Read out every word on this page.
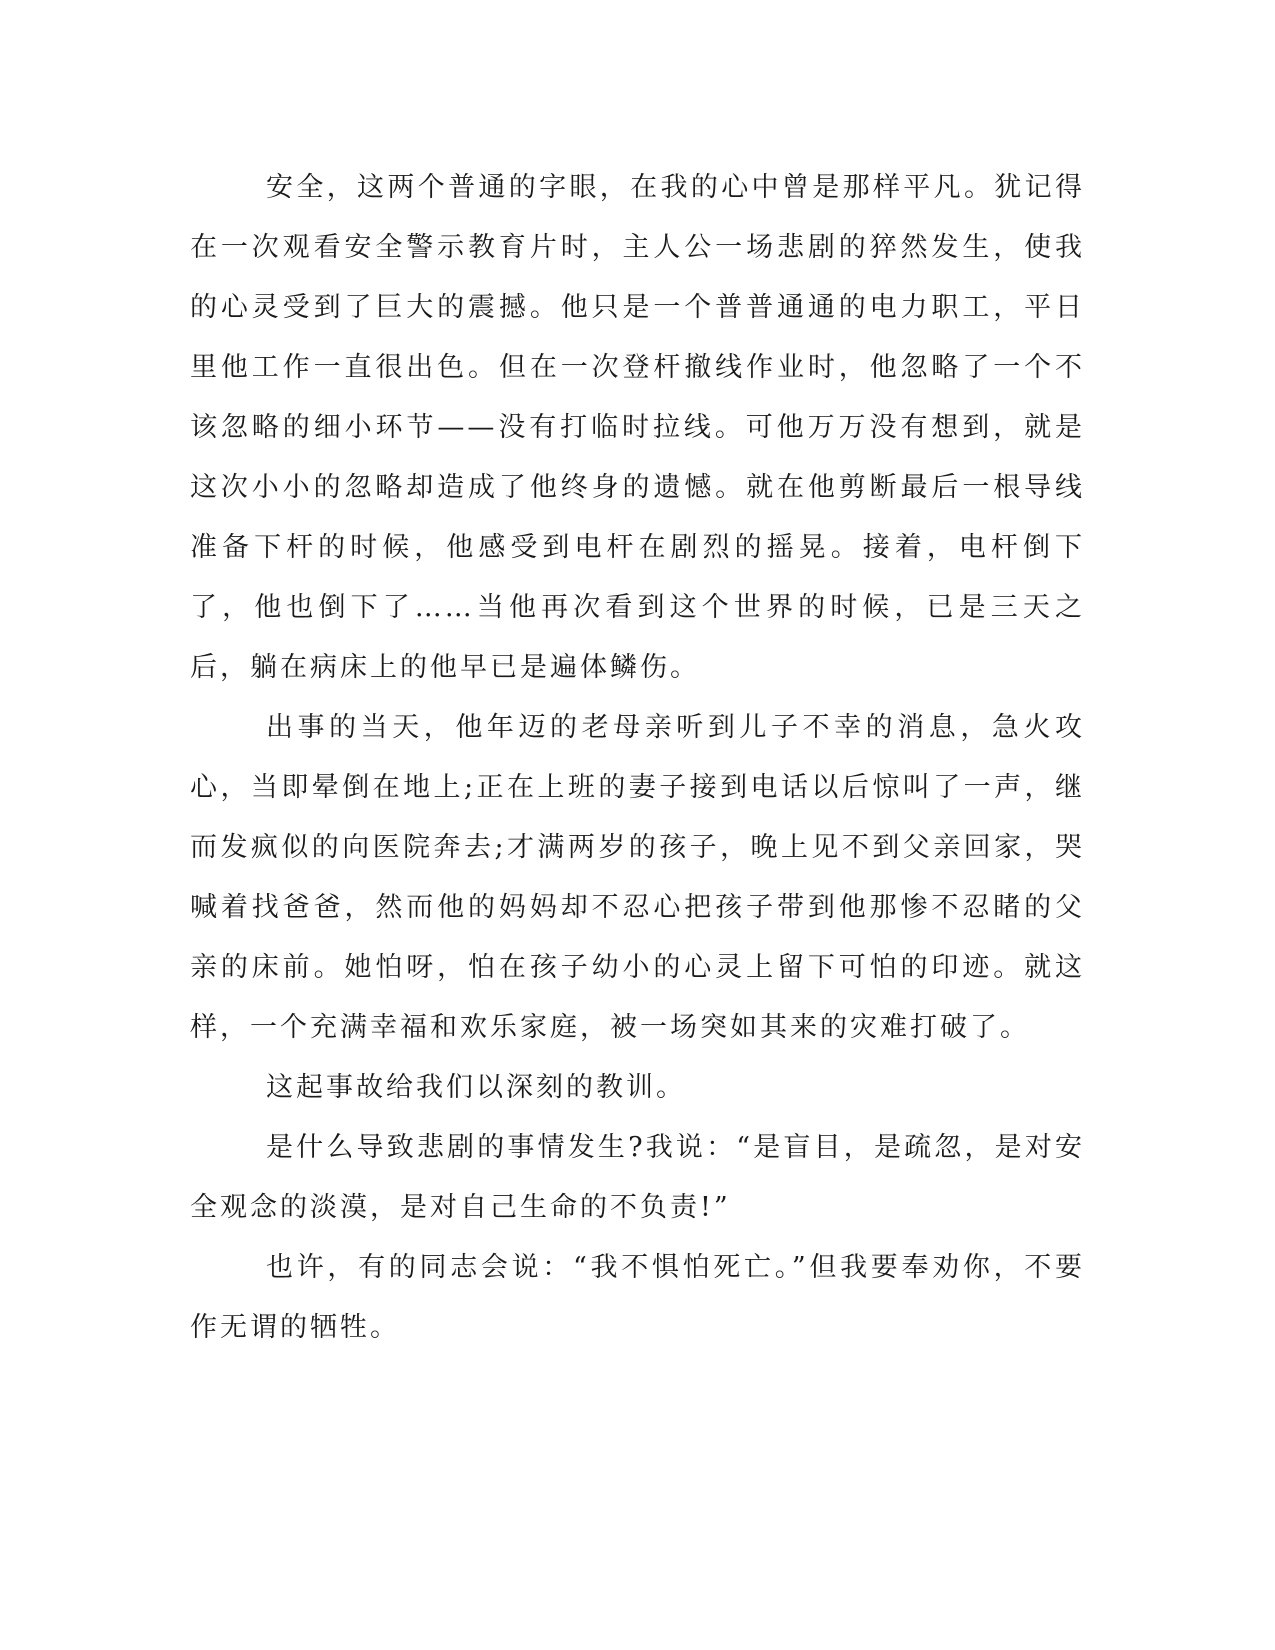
安全，这两个普通的字眼，在我的心中曾是那样平凡。犹记得在一次观看安全警示教育片时，主人公一场悲剧的猝然发生，使我的心灵受到了巨大的震撼。他只是一个普普通通的电力职工，平日里他工作一直很出色。但在一次登杆撤线作业时，他忽略了一个不该忽略的细小环节——没有打临时拉线。可他万万没有想到，就是这次小小的忽略却造成了他终身的遗憾。就在他剪断最后一根导线准备下杆的时候，他感受到电杆在剧烈的摇晃。接着，电杆倒下了，他也倒下了……当他再次看到这个世界的时候，已是三天之后，躺在病床上的他早已是遍体鳞伤。

出事的当天，他年迈的老母亲听到儿子不幸的消息，急火攻心，当即晕倒在地上;正在上班的妻子接到电话以后惊叫了一声，继而发疯似的向医院奔去;才满两岁的孩子，晚上见不到父亲回家，哭喊着找爸爸，然而他的妈妈却不忍心把孩子带到他那惨不忍睹的父亲的床前。她怕呀，怕在孩子幼小的心灵上留下可怕的印迹。就这样，一个充满幸福和欢乐家庭，被一场突如其来的灾难打破了。

这起事故给我们以深刻的教训。

是什么导致悲剧的事情发生?我说：“是盲目，是疏忽，是对安全观念的淡漠，是对自己生命的不负责!”

也许，有的同志会说：“我不惧怕死亡。”但我要奉劝你，不要作无谓的牺牲。
